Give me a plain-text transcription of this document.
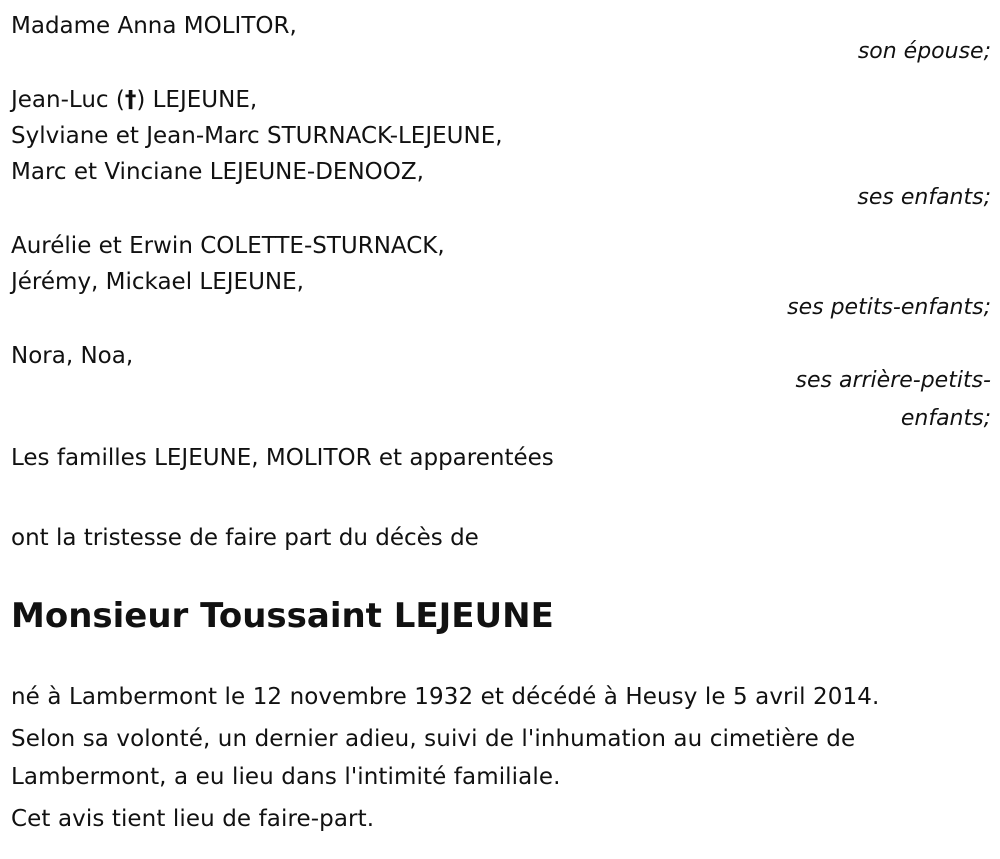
Madame Anna MOLITOR,
son épouse;
Jean-Luc (†) LEJEUNE,
Sylviane et Jean-Marc STURNACK-LEJEUNE,
Marc et Vinciane LEJEUNE-DENOOZ,
ses enfants;
Aurélie et Erwin COLETTE-STURNACK,
Jérémy, Mickael LEJEUNE,
ses petits-enfants;
Nora, Noa,
ses arrière-petits-
enfants;
Les familles LEJEUNE, MOLITOR et apparentées
ont la tristesse de faire part du décès de
Monsieur Toussaint LEJEUNE
né à Lambermont le 12 novembre 1932 et décédé à Heusy le 5 avril 2014.
Selon sa volonté, un dernier adieu, suivi de l'inhumation au cimetière de Lambermont, a eu lieu dans l'intimité familiale.
Cet avis tient lieu de faire-part.
